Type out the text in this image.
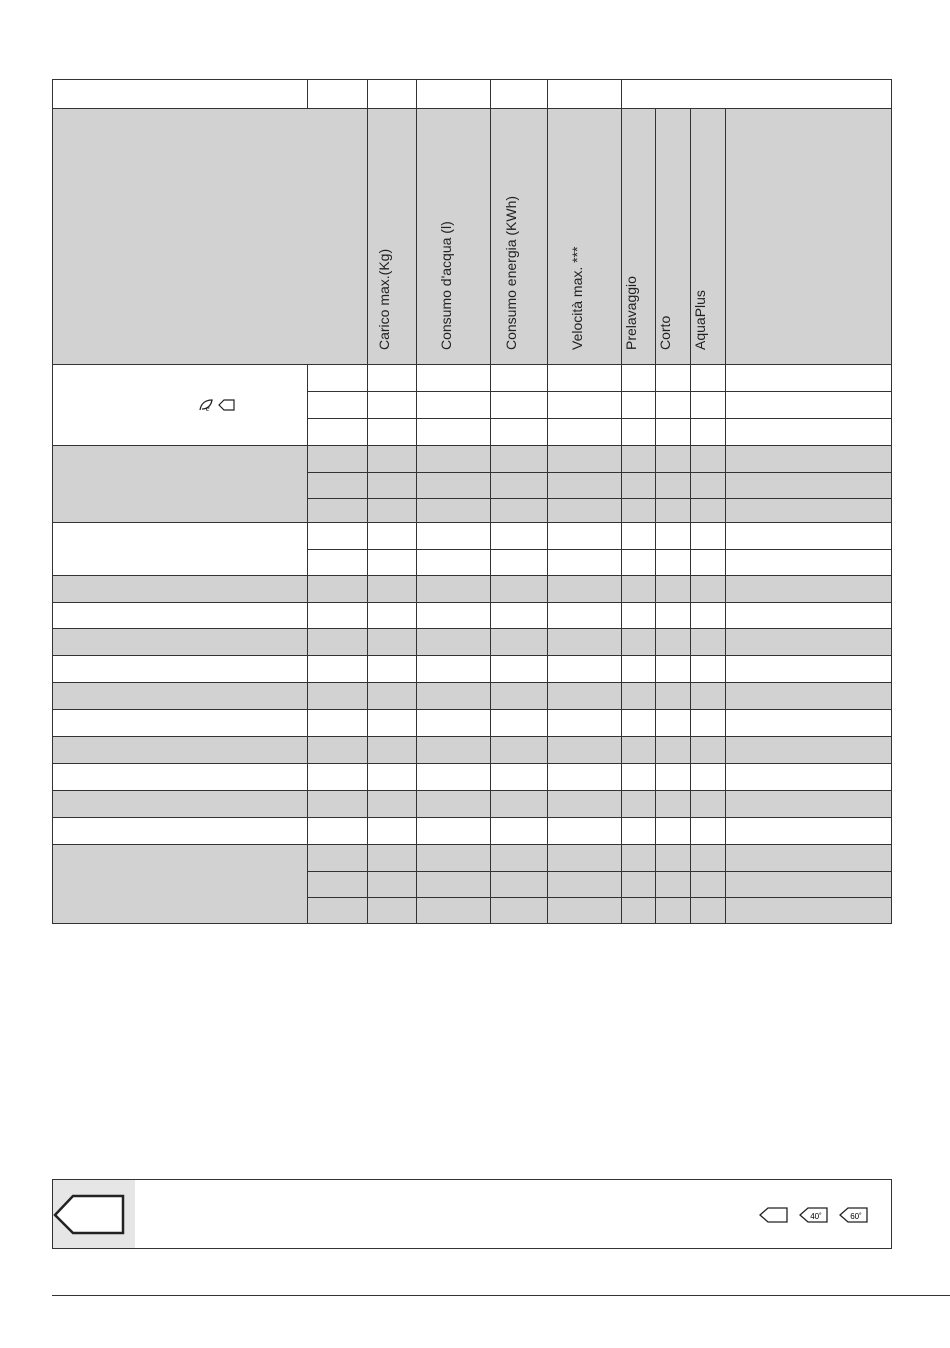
Carico max.(Kg)	Consumo d'acqua (l)	Consumo energia (KWh)	Velocità max. ***	Prelavaggio Corto AquaPlus
e
40˚	60˚
